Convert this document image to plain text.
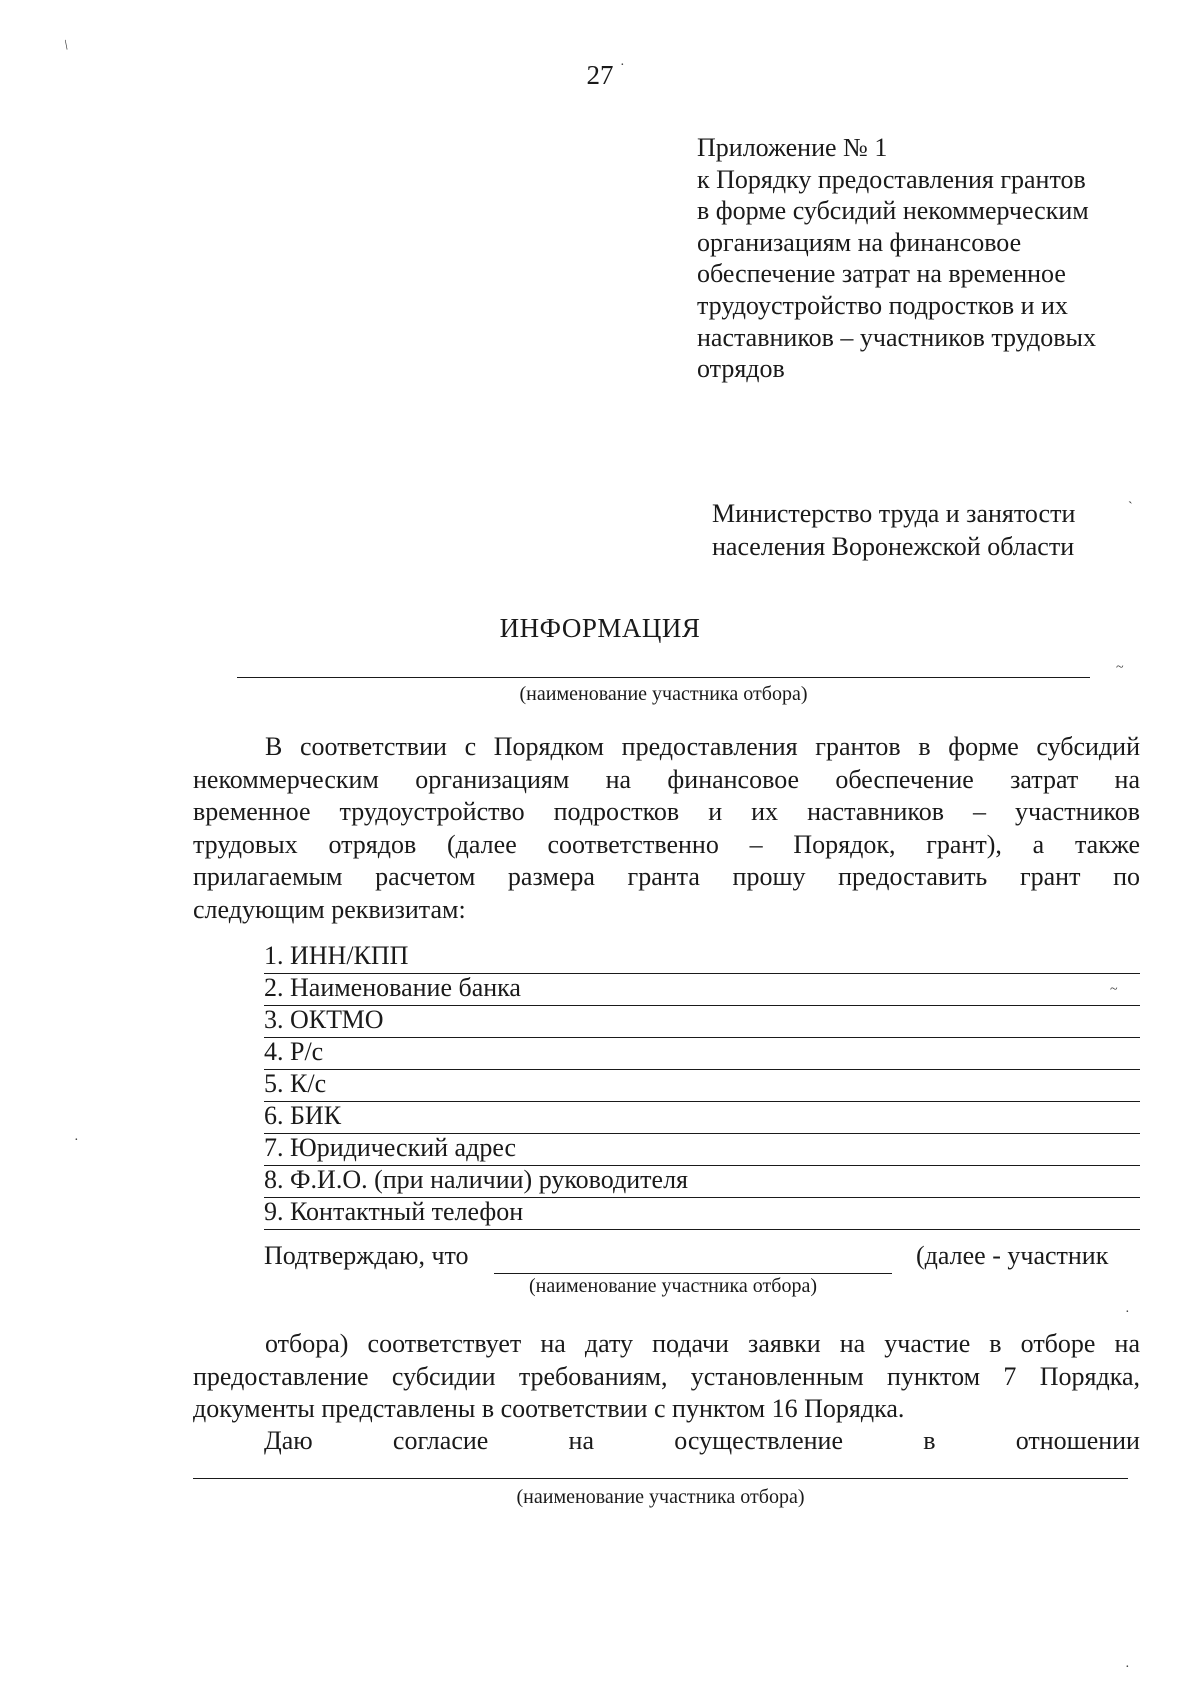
27
Приложение № 1
к Порядку предоставления грантов
в форме субсидий некоммерческим
организациям на финансовое
обеспечение затрат на временное
трудоустройство подростков и их
наставников – участников трудовых
отрядов
Министерство труда и занятости
населения Воронежской области
ИНФОРМАЦИЯ
(наименование участника отбора)
В соответствии с Порядком предоставления грантов в форме субсидий
некоммерческим организациям на финансовое обеспечение затрат на
временное трудоустройство подростков и их наставников – участников
трудовых отрядов (далее соответственно – Порядок, грант), а также
прилагаемым расчетом размера гранта прошу предоставить грант по
следующим реквизитам:
1. ИНН/КПП
2. Наименование банка
3. ОКТМО
4. Р/с
5. К/с
6. БИК
7. Юридический адрес
8. Ф.И.О. (при наличии) руководителя
9. Контактный телефон
Подтверждаю, что	(далее - участник
(наименование участника отбора)
отбора) соответствует на дату подачи заявки на участие в отборе на
предоставление субсидии требованиям, установленным пунктом 7 Порядка,
документы представлены в соответствии с пунктом 16 Порядка.
Даю	согласие	на	осуществление	в	отношении
(наименование участника отбора)
/
·
ˋ
~
~
·
·
·
